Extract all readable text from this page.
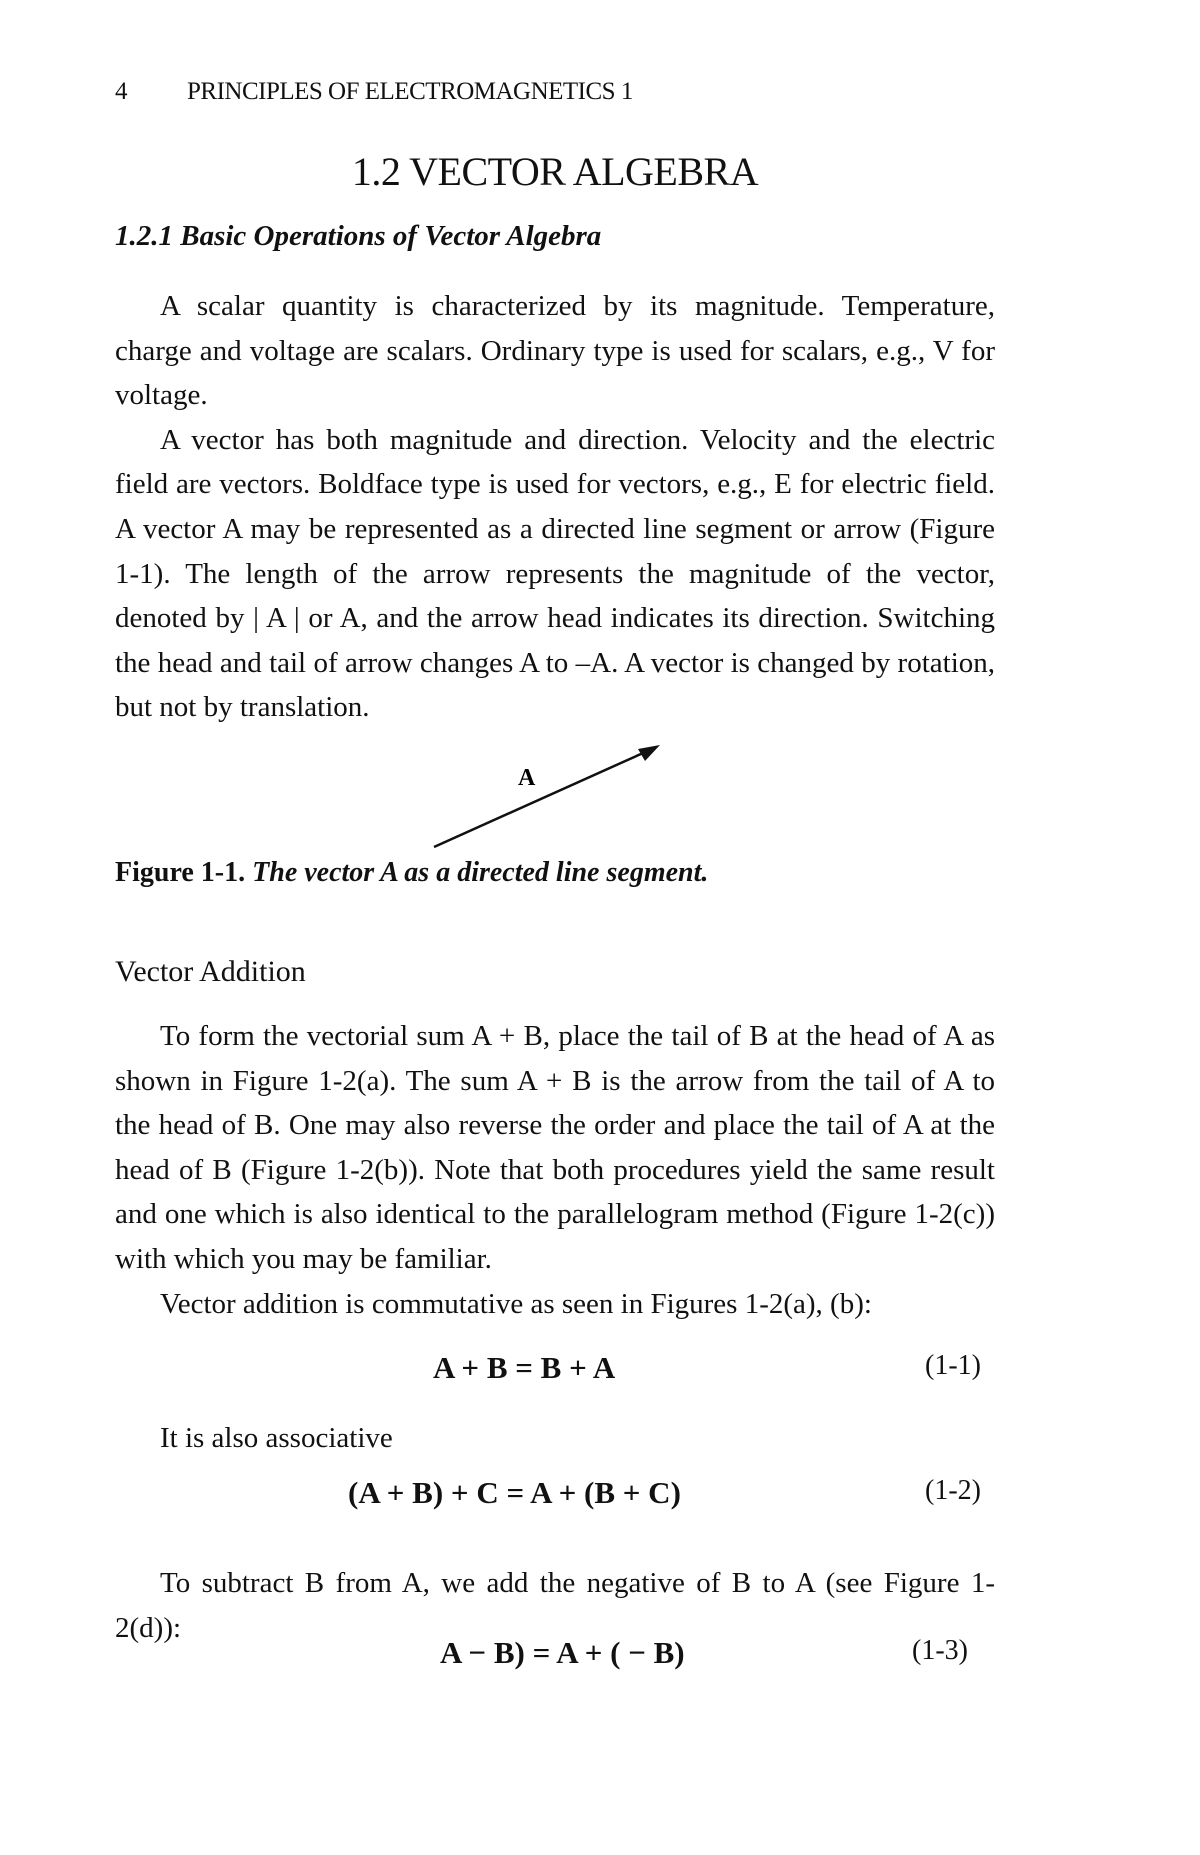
4 PRINCIPLES OF ELECTROMAGNETICS 1
1.2 VECTOR ALGEBRA
1.2.1 Basic Operations of Vector Algebra

A scalar quantity is characterized by its magnitude. Temperature, charge and voltage are scalars. Ordinary type is used for scalars, e.g., V for voltage.

A vector has both magnitude and direction. Velocity and the electric field are vectors. Boldface type is used for vectors, e.g., E for electric field. A vector A may be represented as a directed line segment or arrow (Figure 1-1). The length of the arrow represents the magnitude of the vector, denoted by | A | or A, and the arrow head indicates its direction. Switching the head and tail of arrow changes A to –A. A vector is changed by rotation, but not by translation.

A
Figure 1-1. The vector A as a directed line segment.
Vector Addition

To form the vectorial sum A + B, place the tail of B at the head of A as shown in Figure 1-2(a). The sum A + B is the arrow from the tail of A to the head of B. One may also reverse the order and place the tail of A at the head of B (Figure 1-2(b)). Note that both procedures yield the same result and one which is also identical to the parallelogram method (Figure 1-2(c)) with which you may be familiar.

Vector addition is commutative as seen in Figures 1-2(a), (b):

A + B = B + A	(1-1)

It is also associative

(A + B) + C = A + (B + C)	(1-2)

To subtract B from A, we add the negative of B to A (see Figure 1-2(d)):

A − B) = A + ( − B)	(1-3)
